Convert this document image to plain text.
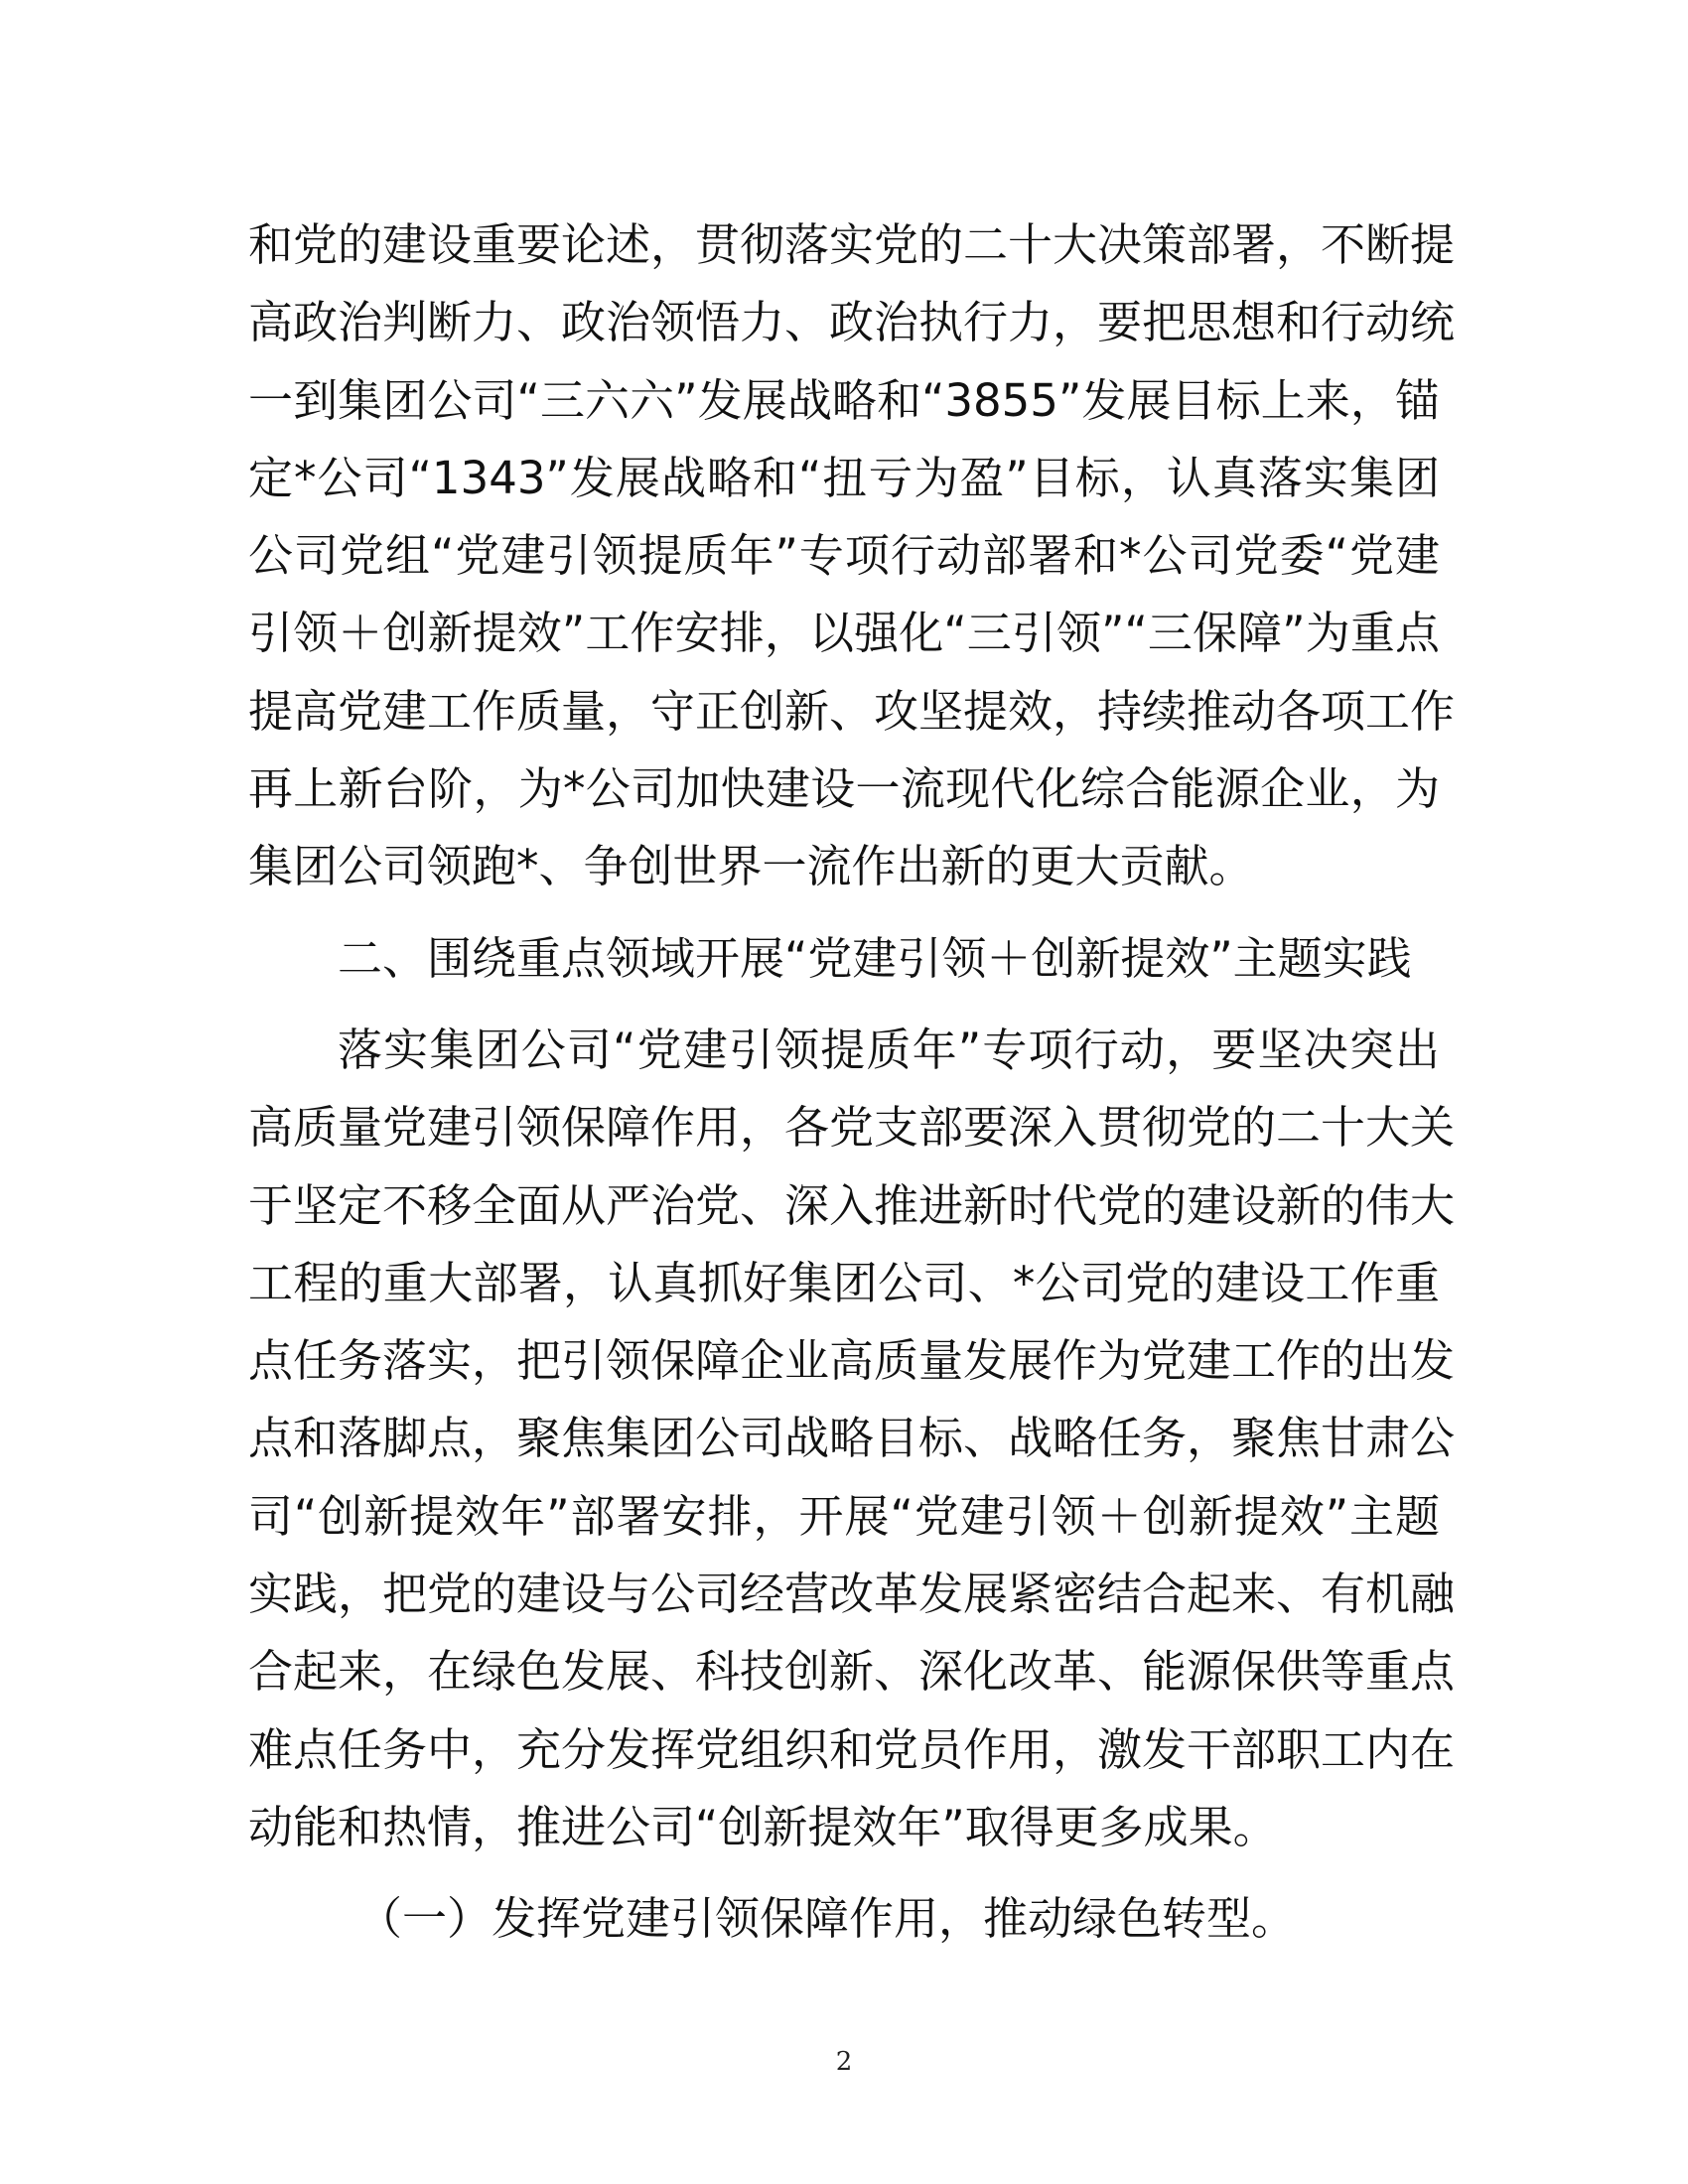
和党的建设重要论述，贯彻落实党的二十大决策部署，不断提
高政治判断力、政治领悟力、政治执行力，要把思想和行动统
一到集团公司“三六六”发展战略和“3855”发展目标上来，锚
定*公司“1343”发展战略和“扭亏为盈”目标，认真落实集团
公司党组“党建引领提质年”专项行动部署和*公司党委“党建
引领＋创新提效”工作安排，以强化“三引领”“三保障”为重点
提高党建工作质量，守正创新、攻坚提效，持续推动各项工作
再上新台阶，为*公司加快建设一流现代化综合能源企业，为
集团公司领跑*、争创世界一流作出新的更大贡献。
二、围绕重点领域开展“党建引领＋创新提效”主题实践
落实集团公司“党建引领提质年”专项行动，要坚决突出
高质量党建引领保障作用，各党支部要深入贯彻党的二十大关
于坚定不移全面从严治党、深入推进新时代党的建设新的伟大
工程的重大部署，认真抓好集团公司、*公司党的建设工作重
点任务落实，把引领保障企业高质量发展作为党建工作的出发
点和落脚点，聚焦集团公司战略目标、战略任务，聚焦甘肃公
司“创新提效年”部署安排，开展“党建引领＋创新提效”主题
实践，把党的建设与公司经营改革发展紧密结合起来、有机融
合起来，在绿色发展、科技创新、深化改革、能源保供等重点
难点任务中，充分发挥党组织和党员作用，激发干部职工内在
动能和热情，推进公司“创新提效年”取得更多成果。
（一）发挥党建引领保障作用，推动绿色转型。
2
